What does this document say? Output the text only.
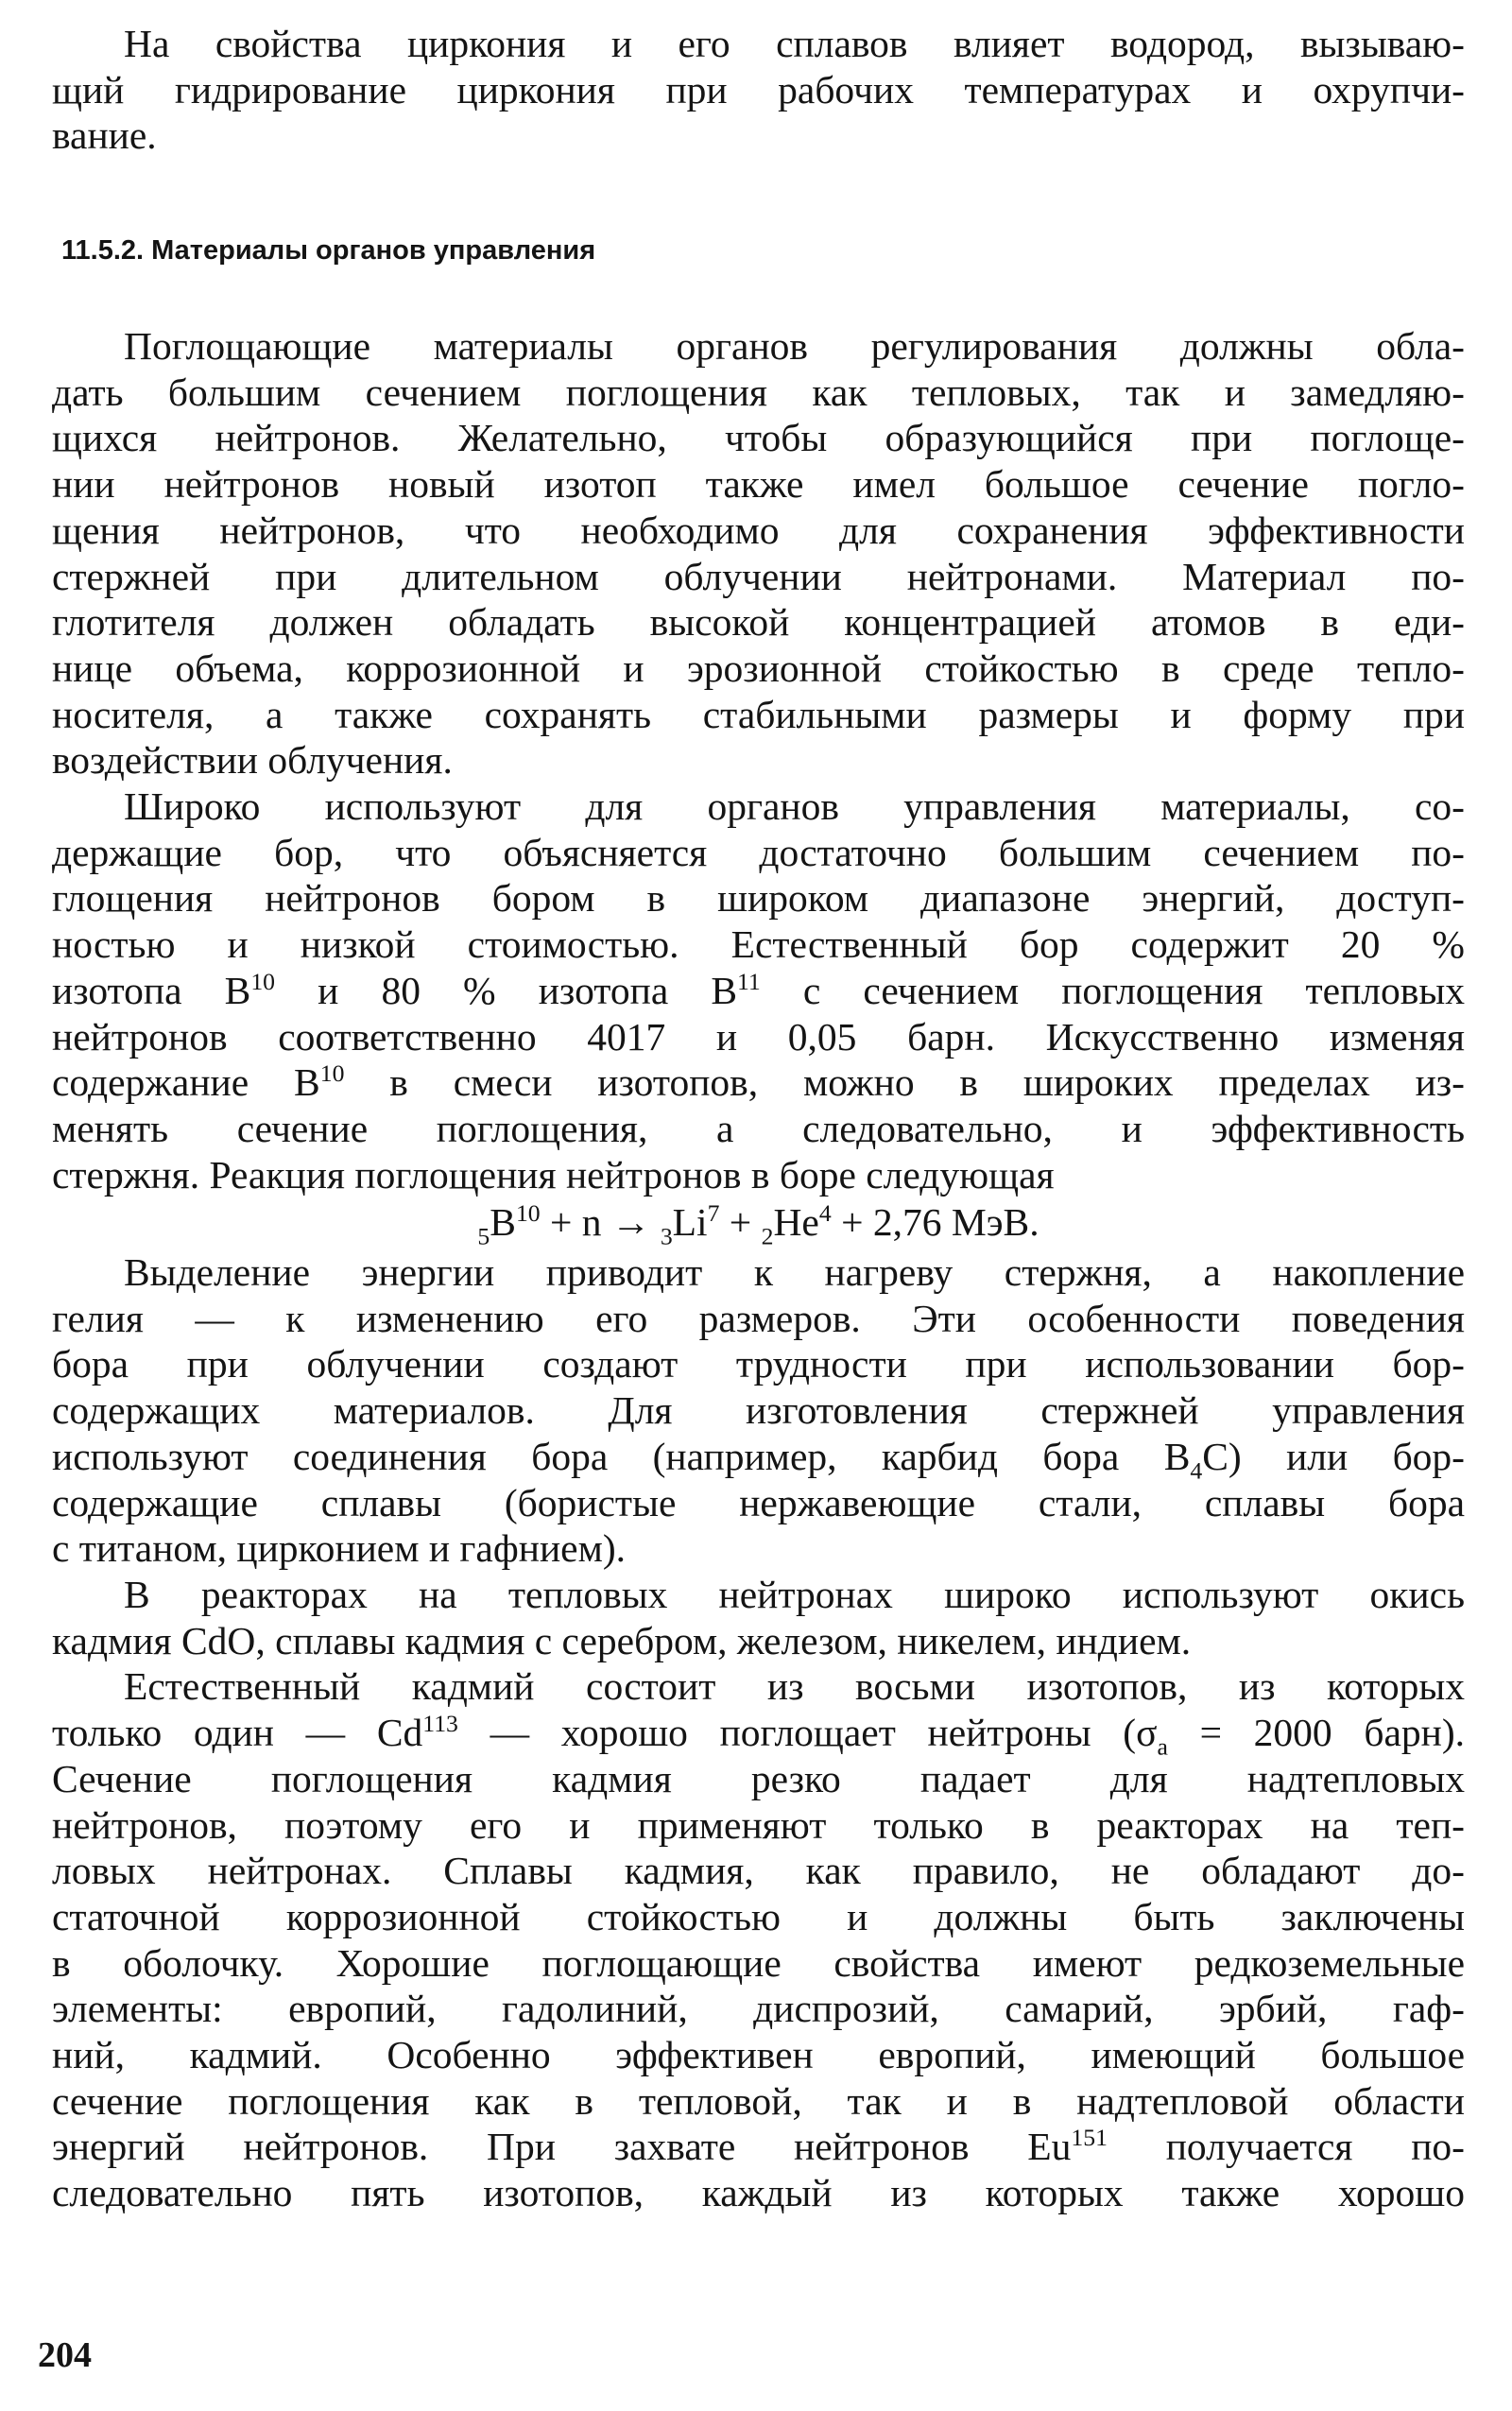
На свойства циркония и его сплавов влияет водород, вызываю-
щий гидрирование циркония при рабочих температурах и охрупчи-
вание.
11.5.2. Материалы органов управления
Поглощающие материалы органов регулирования должны обла-
дать большим сечением поглощения как тепловых, так и замедляю-
щихся нейтронов. Желательно, чтобы образующийся при поглоще-
нии нейтронов новый изотоп также имел большое сечение погло-
щения нейтронов, что необходимо для сохранения эффективности
стержней при длительном облучении нейтронами. Материал по-
глотителя должен обладать высокой концентрацией атомов в еди-
нице объема, коррозионной и эрозионной стойкостью в среде тепло-
носителя, а также сохранять стабильными размеры и форму при
воздействии облучения.
Широко используют для органов управления материалы, со-
держащие бор, что объясняется достаточно большим сечением по-
глощения нейтронов бором в широком диапазоне энергий, доступ-
ностью и низкой стоимостью. Естественный бор содержит 20 %
изотопа $B^{10}$ и 80 % изотопа $B^{11}$ с сечением поглощения тепловых
нейтронов соответственно 4017 и 0,05 барн. Искусственно изменяя
содержание $B^{10}$ в смеси изотопов, можно в широких пределах из-
менять сечение поглощения, а следовательно, и эффективность
стержня. Реакция поглощения нейтронов в боре следующая
$_5B^{10} + n \to _3Li^7 + _2He^4 + 2,76$ МэВ.
Выделение энергии приводит к нагреву стержня, а накопление
гелия — к изменению его размеров. Эти особенности поведения
бора при облучении создают трудности при использовании бор-
содержащих материалов. Для изготовления стержней управления
используют соединения бора (например, карбид бора $B_4C$) или бор-
содержащие сплавы (бористые нержавеющие стали, сплавы бора
с титаном, цирконием и гафнием).
В реакторах на тепловых нейтронах широко используют окись
кадмия CdO, сплавы кадмия с серебром, железом, никелем, индием.
Естественный кадмий состоит из восьми изотопов, из которых
только один — Cd$^{113}$ — хорошо поглощает нейтроны ($\sigma_a = 2000$ барн).
Сечение поглощения кадмия резко падает для надтепловых
нейтронов, поэтому его и применяют только в реакторах на теп-
ловых нейтронах. Сплавы кадмия, как правило, не обладают до-
статочной коррозионной стойкостью и должны быть заключены
в оболочку. Хорошие поглощающие свойства имеют редкоземельные
элементы: европий, гадолиний, диспрозий, самарий, эрбий, гаф-
ний, кадмий. Особенно эффективен европий, имеющий большое
сечение поглощения как в тепловой, так и в надтепловой области
энергий нейтронов. При захвате нейтронов Eu$^{151}$ получается по-
следовательно пять изотопов, каждый из которых также хорошо
204
